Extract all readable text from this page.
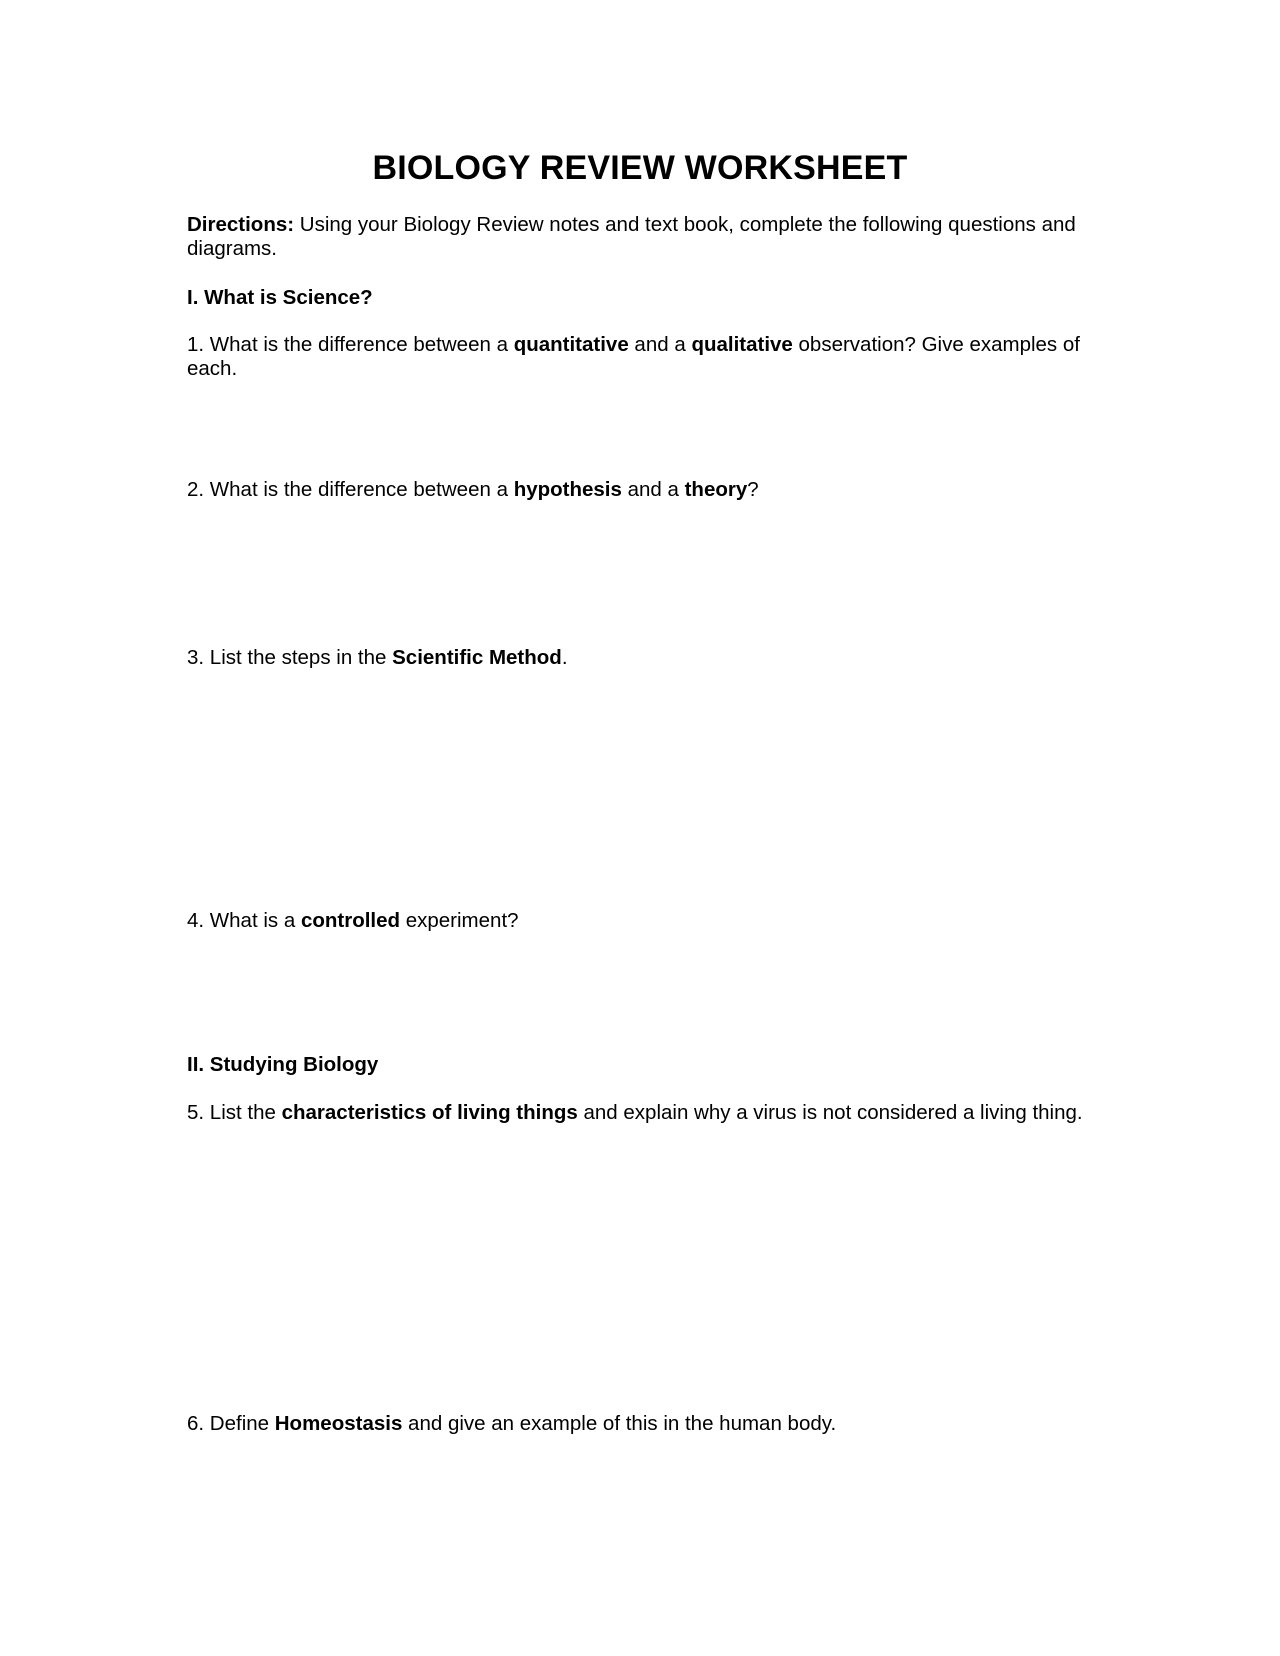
BIOLOGY REVIEW WORKSHEET
Directions: Using your Biology Review notes and text book, complete the following questions and diagrams.
I. What is Science?
1. What is the difference between a quantitative and a qualitative observation? Give examples of each.
2. What is the difference between a hypothesis and a theory?
3. List the steps in the Scientific Method.
4. What is a controlled experiment?
II. Studying Biology
5. List the characteristics of living things and explain why a virus is not considered a living thing.
6. Define Homeostasis and give an example of this in the human body.
